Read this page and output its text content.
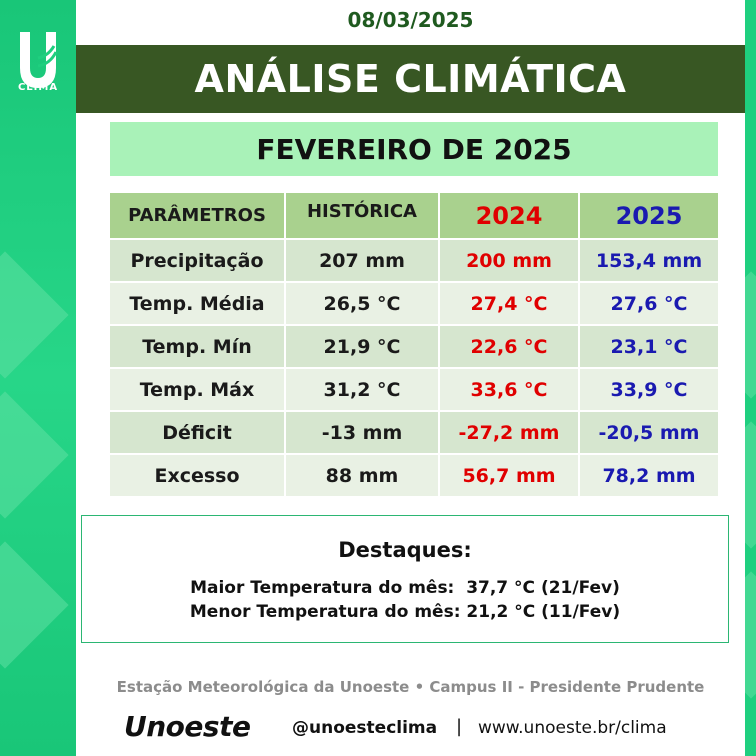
CLIMA
08/03/2025
ANÁLISE CLIMÁTICA
FEVEREIRO DE 2025
PARÂMETROS	HISTÓRICA	2024	2025
Precipitação	207 mm	200 mm	153,4 mm
Temp. Média	26,5 °C	27,4 °C	27,6 °C
Temp. Mín	21,9 °C	22,6 °C	23,1 °C
Temp. Máx	31,2 °C	33,6 °C	33,9 °C
Déficit	-13 mm	-27,2 mm	-20,5 mm
Excesso	88 mm	56,7 mm	78,2 mm
Destaques:
Maior Temperatura do mês:  37,7 °C (21/Fev)
Menor Temperatura do mês: 21,2 °C (11/Fev)
Estação Meteorológica da Unoeste • Campus II - Presidente Prudente
Unoeste @unoesteclima | www.unoeste.br/clima
